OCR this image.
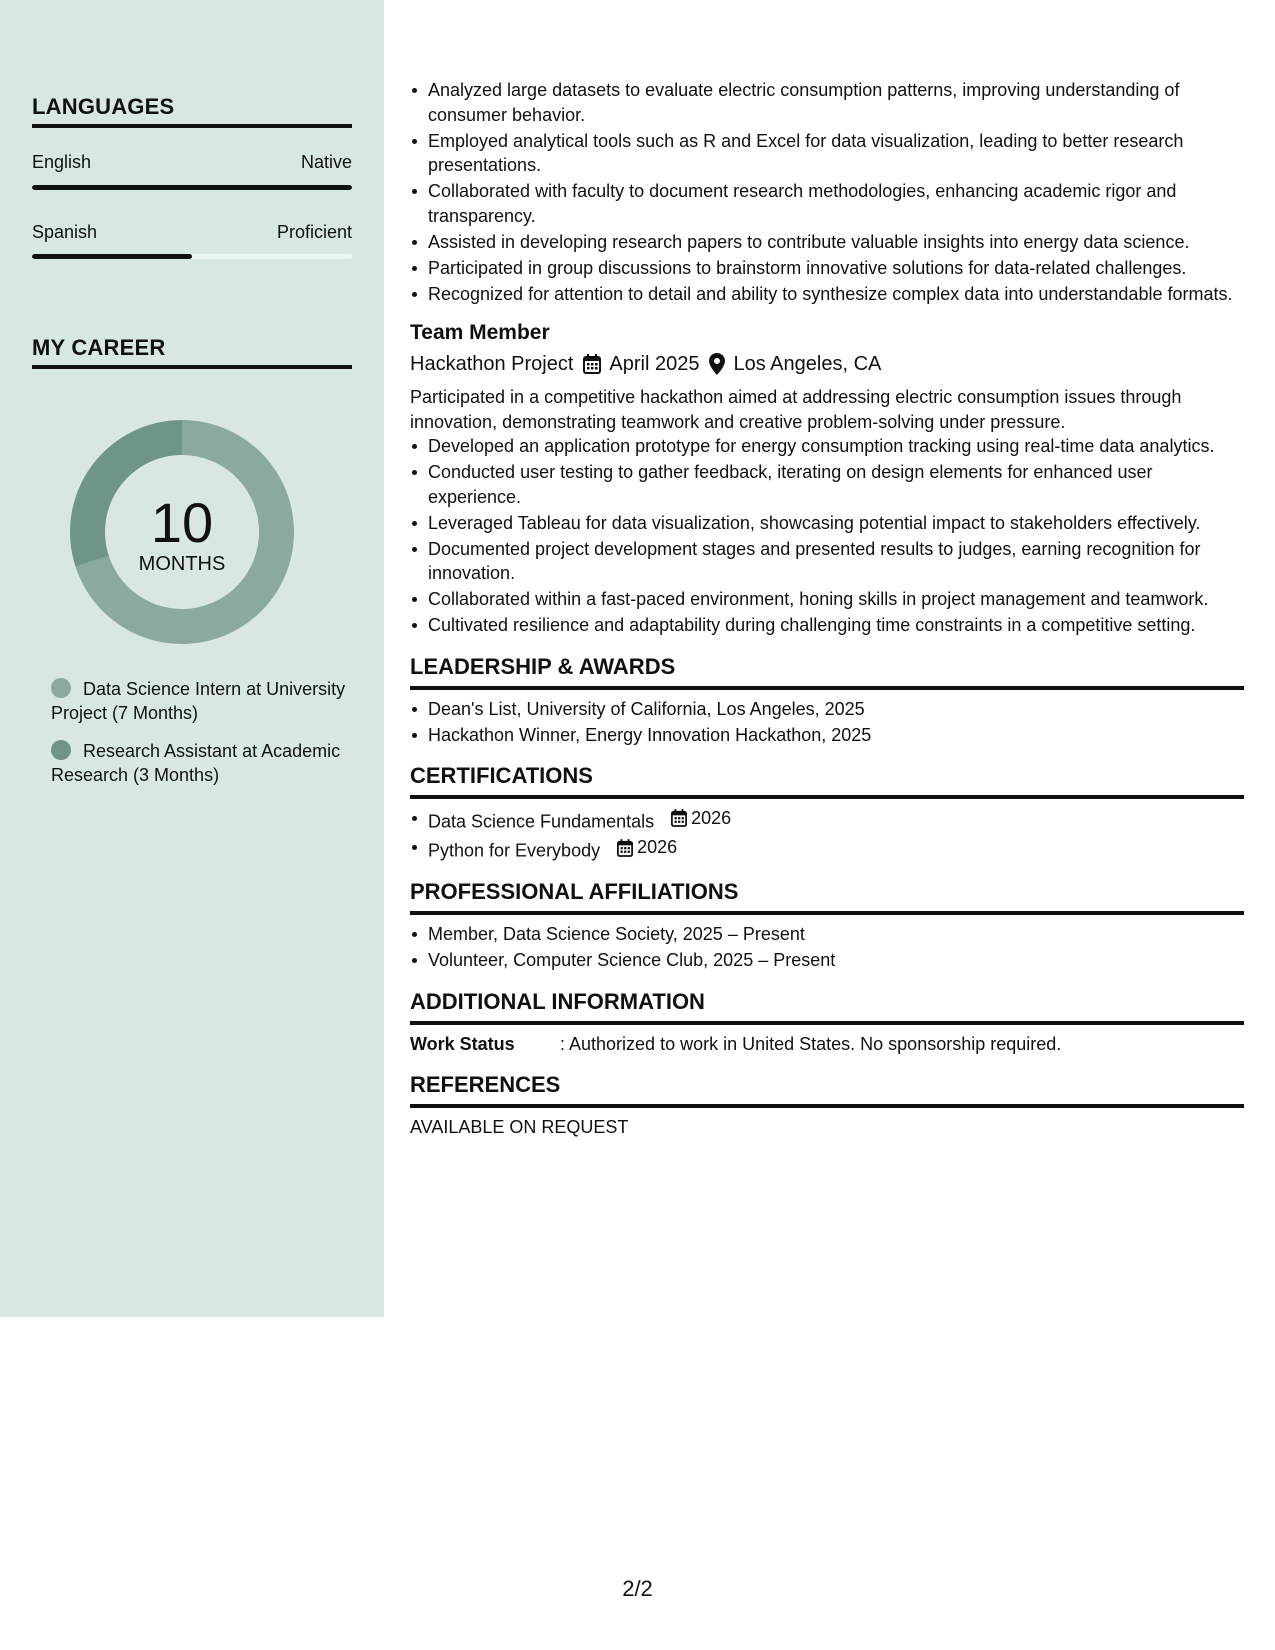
LANGUAGES
English	Native
Spanish	Proficient
MY CAREER
10
MONTHS
Data Science Intern at University Project (7 Months)
Research Assistant at Academic Research (3 Months)
Analyzed large datasets to evaluate electric consumption patterns, improving understanding of consumer behavior.
Employed analytical tools such as R and Excel for data visualization, leading to better research presentations.
Collaborated with faculty to document research methodologies, enhancing academic rigor and transparency.
Assisted in developing research papers to contribute valuable insights into energy data science.
Participated in group discussions to brainstorm innovative solutions for data-related challenges.
Recognized for attention to detail and ability to synthesize complex data into understandable formats.
Team Member
Hackathon Project April 2025 Los Angeles, CA
Participated in a competitive hackathon aimed at addressing electric consumption issues through innovation, demonstrating teamwork and creative problem-solving under pressure.
Developed an application prototype for energy consumption tracking using real-time data analytics.
Conducted user testing to gather feedback, iterating on design elements for enhanced user experience.
Leveraged Tableau for data visualization, showcasing potential impact to stakeholders effectively.
Documented project development stages and presented results to judges, earning recognition for innovation.
Collaborated within a fast-paced environment, honing skills in project management and teamwork.
Cultivated resilience and adaptability during challenging time constraints in a competitive setting.
LEADERSHIP & AWARDS
Dean's List, University of California, Los Angeles, 2025
Hackathon Winner, Energy Innovation Hackathon, 2025
CERTIFICATIONS
Data Science Fundamentals 2026
Python for Everybody 2026
PROFESSIONAL AFFILIATIONS
Member, Data Science Society, 2025 – Present
Volunteer, Computer Science Club, 2025 – Present
ADDITIONAL INFORMATION
Work Status	: Authorized to work in United States. No sponsorship required.
REFERENCES
AVAILABLE ON REQUEST
2/2
